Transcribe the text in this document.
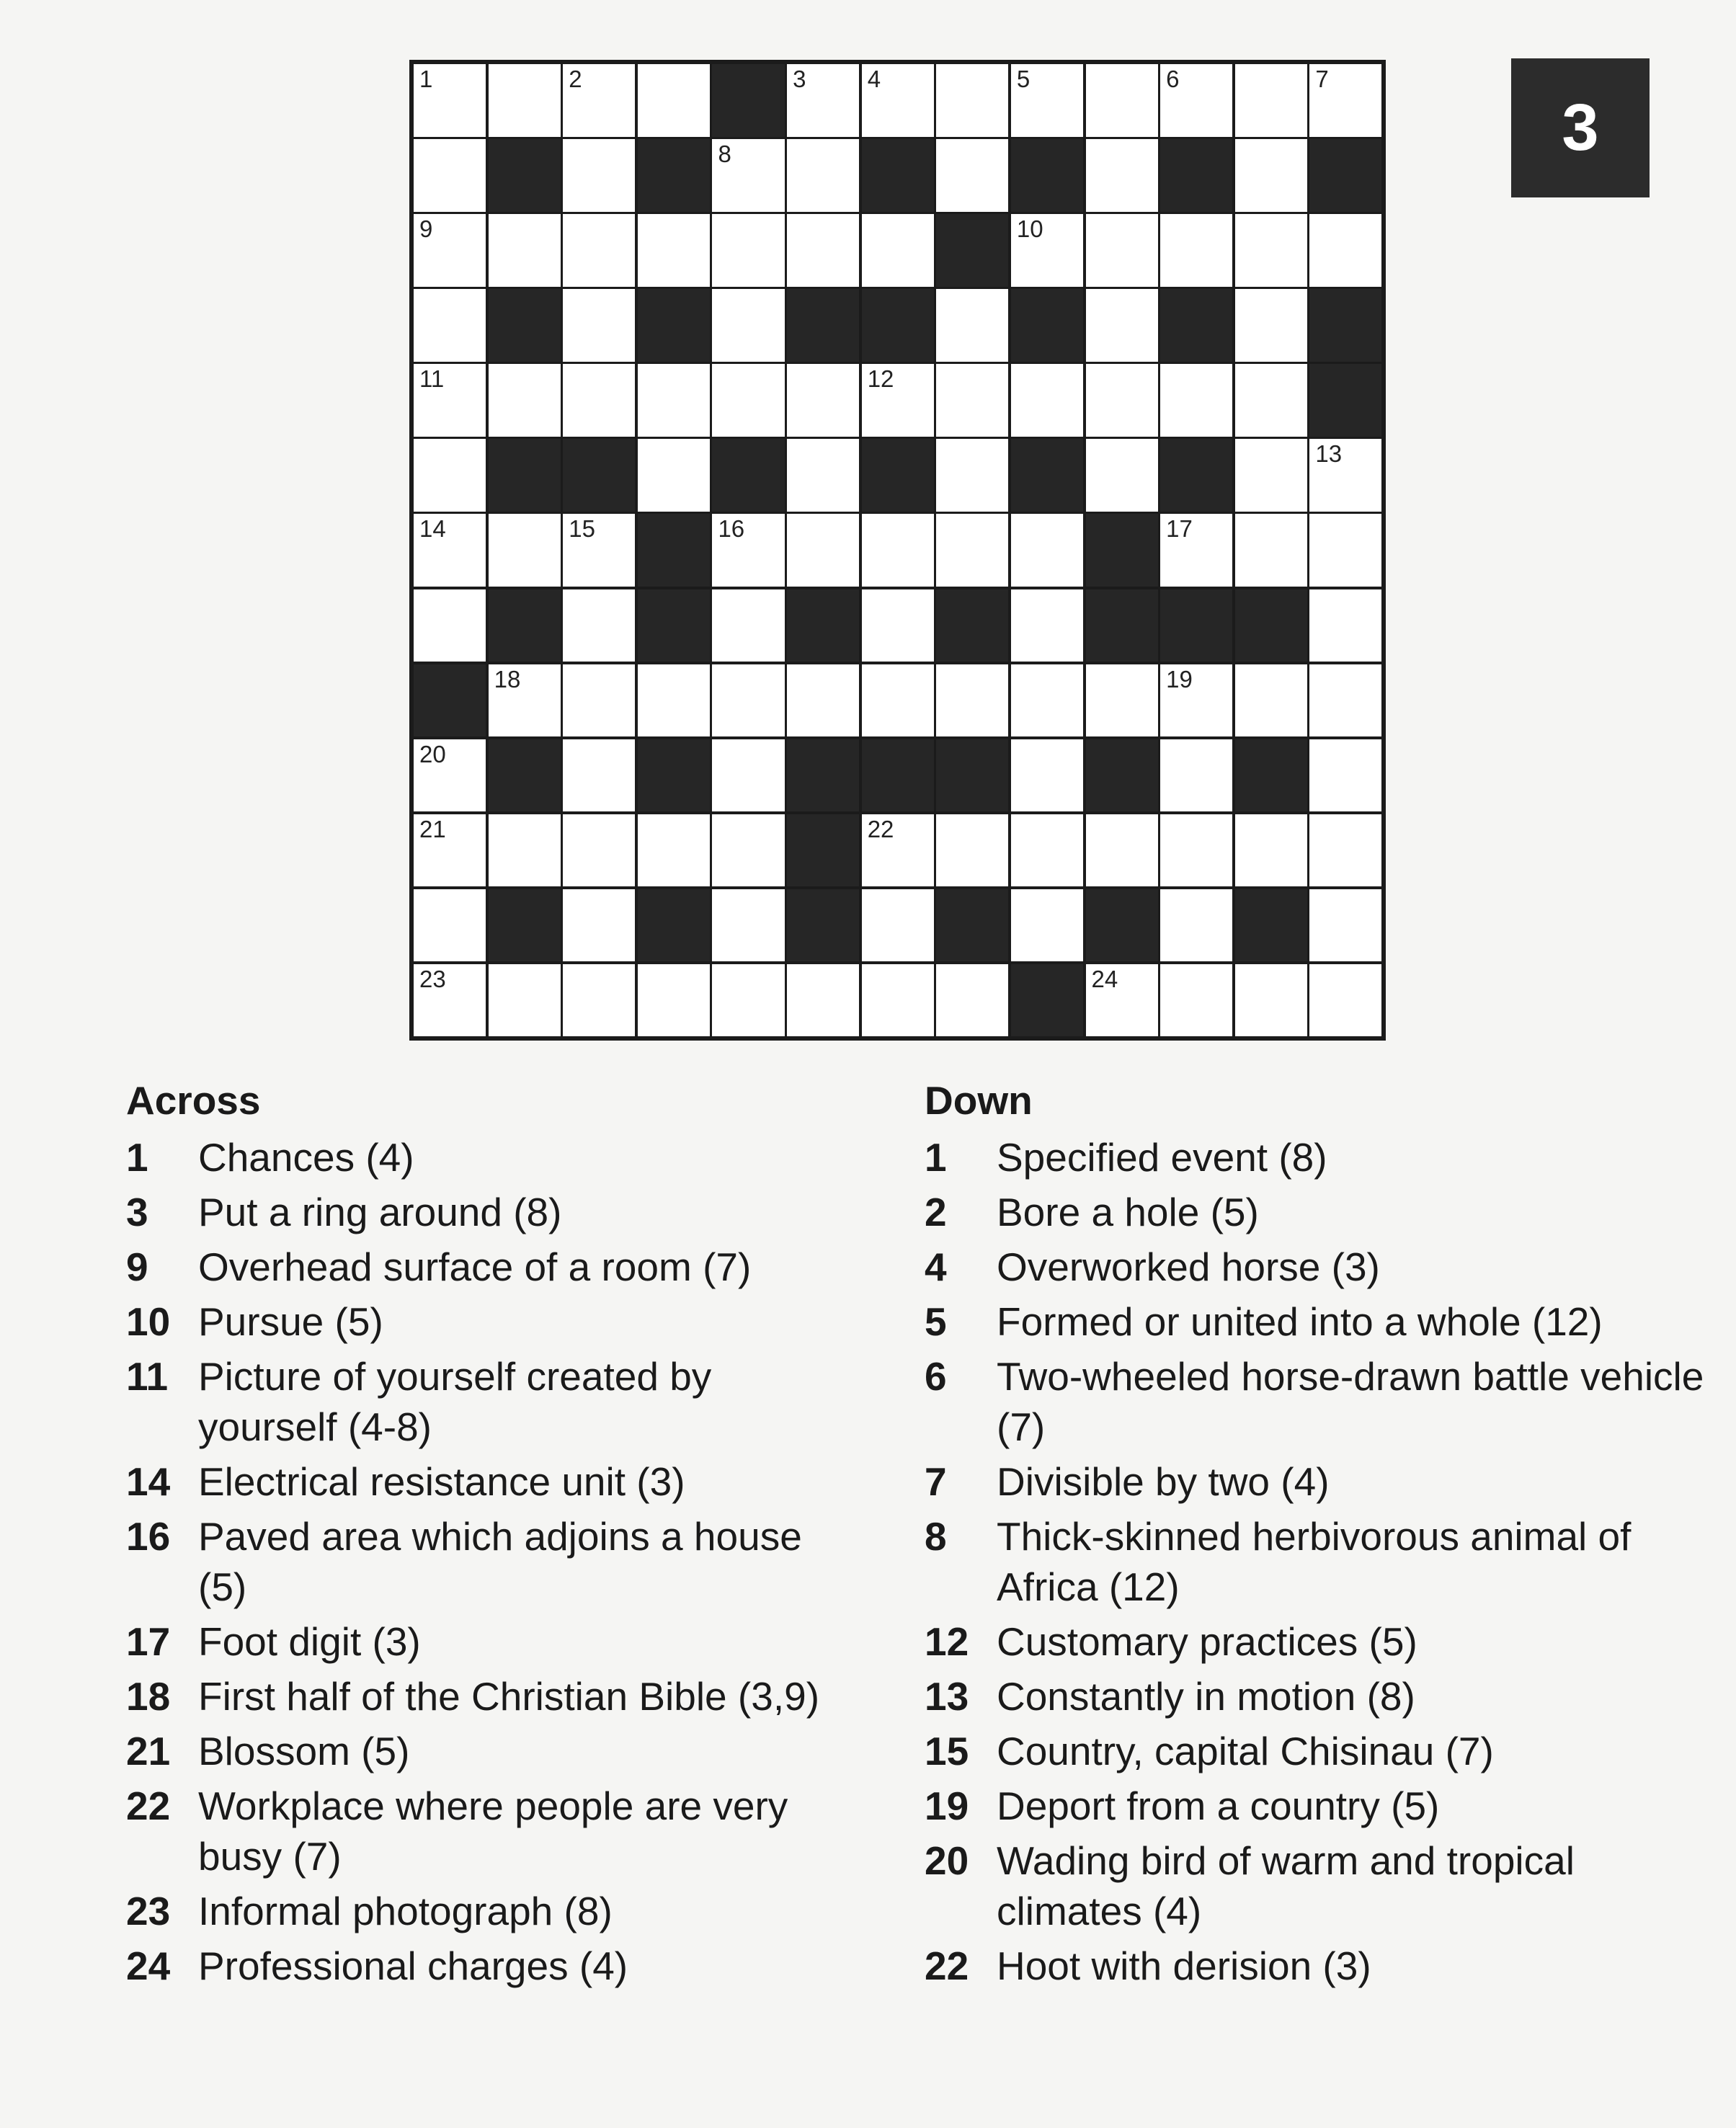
1	2	3	4	5	6	7
8
9	10
11	12
13
14	15	16	17
18	19
20
21	22
23	24
3
Across
1	Chances (4)
3	Put a ring around (8)
9	Overhead surface of a room (7)
10 Pursue (5)
11 Picture of yourself created by yourself (4-8)
14 Electrical resistance unit (3)
16 Paved area which adjoins a house (5)
17 Foot digit (3)
18 First half of the Christian Bible (3,9)
21 Blossom (5)
22 Workplace where people are very busy (7)
23 Informal photograph (8)
24 Professional charges (4)
Down
1	Specified event (8)
2	Bore a hole (5)
4	Overworked horse (3)
5	Formed or united into a whole (12)
6	Two-wheeled horse-drawn battle vehicle (7)
7	Divisible by two (4)
8	Thick-skinned herbivorous animal of Africa (12)
12 Customary practices (5)
13 Constantly in motion (8)
15 Country, capital Chisinau (7)
19 Deport from a country (5)
20 Wading bird of warm and tropical climates (4)
22 Hoot with derision (3)
